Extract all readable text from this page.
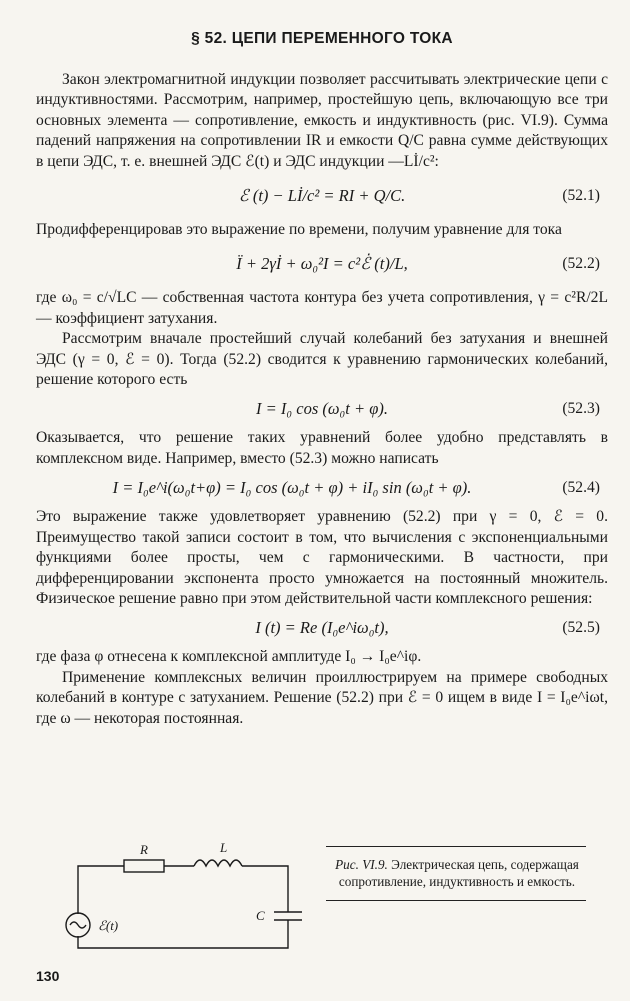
§ 52. ЦЕПИ ПЕРЕМЕННОГО ТОКА

Закон электромагнитной индукции позволяет рассчитывать электрические цепи с индуктивностями. Рассмотрим, например, простейшую цепь, включающую все три основных элемента — сопротивление, емкость и индуктивность (рис. VI.9). Сумма падений напряжения на сопротивлении IR и емкости Q/C равна сумме действующих в цепи ЭДС, т. е. внешней ЭДС ℰ(t) и ЭДС индукции —Lİ/c²:

ℰ (t) − Lİ/c² = RI + Q/C.	(52.1)

Продифференцировав это выражение по времени, получим уравнение для тока

Ï + 2γİ + ω₀²I = c²ℰ̇ (t)/L,	(52.2)

где ω₀ = c/√LC — собственная частота контура без учета сопротивления, γ = c²R/2L — коэффициент затухания.

Рассмотрим вначале простейший случай колебаний без затухания и внешней ЭДС (γ = 0, ℰ = 0). Тогда (52.2) сводится к уравнению гармонических колебаний, решение которого есть

I = I₀ cos (ω₀t + φ).	(52.3)

Оказывается, что решение таких уравнений более удобно представлять в комплексном виде. Например, вместо (52.3) можно написать

I = I₀e^i(ω₀t+φ) = I₀ cos (ω₀t + φ) + iI₀ sin (ω₀t + φ).	(52.4)

Это выражение также удовлетворяет уравнению (52.2) при γ = 0, ℰ = 0. Преимущество такой записи состоит в том, что вычисления с экспоненциальными функциями более просты, чем с гармоническими. В частности, при дифференцировании экспонента просто умножается на постоянный множитель. Физическое решение равно при этом действительной части комплексного решения:

I (t) = Re (I₀e^iω₀t),	(52.5)

где фаза φ отнесена к комплексной амплитуде I₀ → I₀e^iφ.

Применение комплексных величин проиллюстрируем на примере свободных колебаний в контуре с затуханием. Решение (52.2) при ℰ = 0 ищем в виде I = I₀e^iωt, где ω — некоторая постоянная.

R	L
C
ℰ(t)
Рис. VI.9. Электрическая цепь, содержащая сопротивление, индуктивность и емкость.
130
